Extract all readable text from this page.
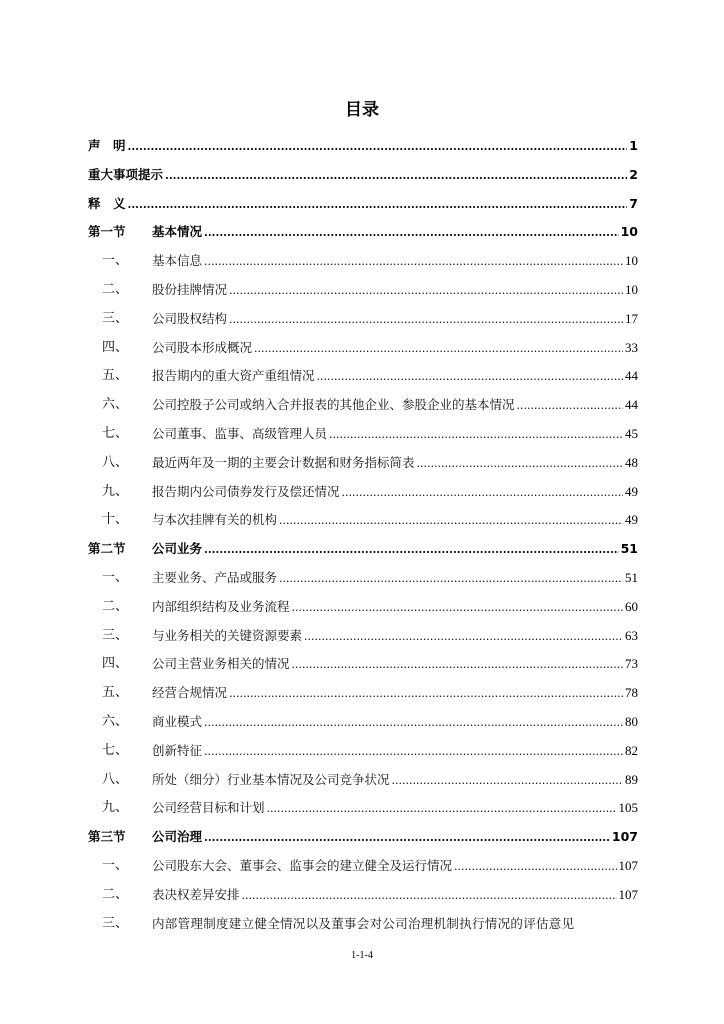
目录
声　明 .....	1
重大事项提示 .....	2
释　义 .....	7
第一节	基本情况 .....	10
一、	基本信息 .....	10
二、	股份挂牌情况 .....	10
三、	公司股权结构 .....	17
四、	公司股本形成概况 .....	33
五、	报告期内的重大资产重组情况 .....	44
六、	公司控股子公司或纳入合并报表的其他企业、参股企业的基本情况 .....	44
七、	公司董事、监事、高级管理人员 .....	45
八、	最近两年及一期的主要会计数据和财务指标简表 .....	48
九、	报告期内公司债券发行及偿还情况 .....	49
十、	与本次挂牌有关的机构 .....	49
第二节	公司业务 .....	51
一、	主要业务、产品或服务 .....	51
二、	内部组织结构及业务流程 .....	60
三、	与业务相关的关键资源要素 .....	63
四、	公司主营业务相关的情况 .....	73
五、	经营合规情况 .....	78
六、	商业模式 .....	80
七、	创新特征 .....	82
八、	所处（细分）行业基本情况及公司竞争状况 .....	89
九、	公司经营目标和计划 .....	105
第三节	公司治理 .....	107
一、	公司股东大会、董事会、监事会的建立健全及运行情况 .....	107
二、	表决权差异安排 .....	107
三、	内部管理制度建立健全情况以及董事会对公司治理机制执行情况的评估意见
1-1-4
